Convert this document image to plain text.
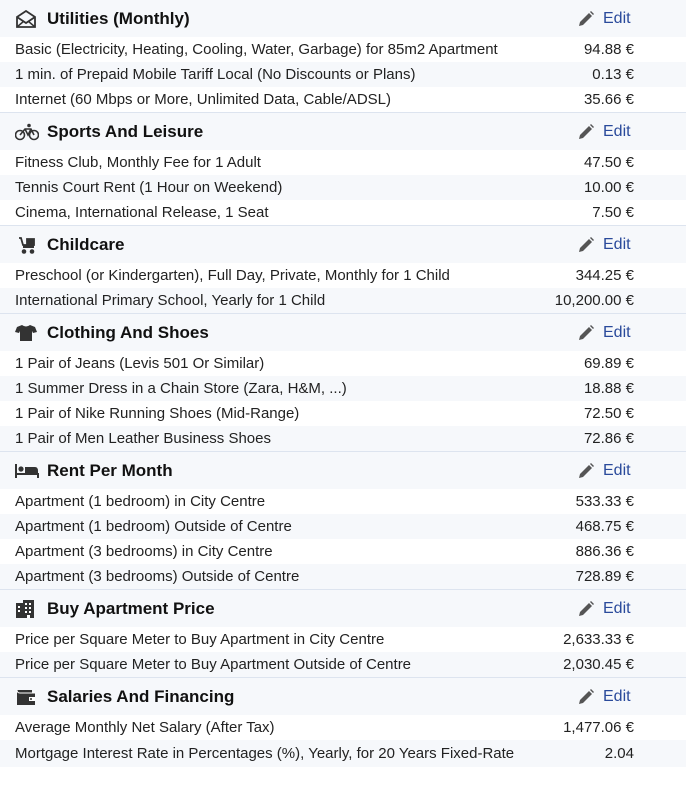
Utilities (Monthly)	Edit
Basic (Electricity, Heating, Cooling, Water, Garbage) for 85m2 Apartment	94.88 €
1 min. of Prepaid Mobile Tariff Local (No Discounts or Plans)	0.13 €
Internet (60 Mbps or More, Unlimited Data, Cable/ADSL)	35.66 €
Sports And Leisure	Edit
Fitness Club, Monthly Fee for 1 Adult	47.50 €
Tennis Court Rent (1 Hour on Weekend)	10.00 €
Cinema, International Release, 1 Seat	7.50 €
Childcare	Edit
Preschool (or Kindergarten), Full Day, Private, Monthly for 1 Child	344.25 €
International Primary School, Yearly for 1 Child	10,200.00 €
Clothing And Shoes	Edit
1 Pair of Jeans (Levis 501 Or Similar)	69.89 €
1 Summer Dress in a Chain Store (Zara, H&M, ...)	18.88 €
1 Pair of Nike Running Shoes (Mid-Range)	72.50 €
1 Pair of Men Leather Business Shoes	72.86 €
Rent Per Month	Edit
Apartment (1 bedroom) in City Centre	533.33 €
Apartment (1 bedroom) Outside of Centre	468.75 €
Apartment (3 bedrooms) in City Centre	886.36 €
Apartment (3 bedrooms) Outside of Centre	728.89 €
Buy Apartment Price	Edit
Price per Square Meter to Buy Apartment in City Centre	2,633.33 €
Price per Square Meter to Buy Apartment Outside of Centre	2,030.45 €
Salaries And Financing	Edit
Average Monthly Net Salary (After Tax)	1,477.06 €
Mortgage Interest Rate in Percentages (%), Yearly, for 20 Years Fixed-Rate	2.04
